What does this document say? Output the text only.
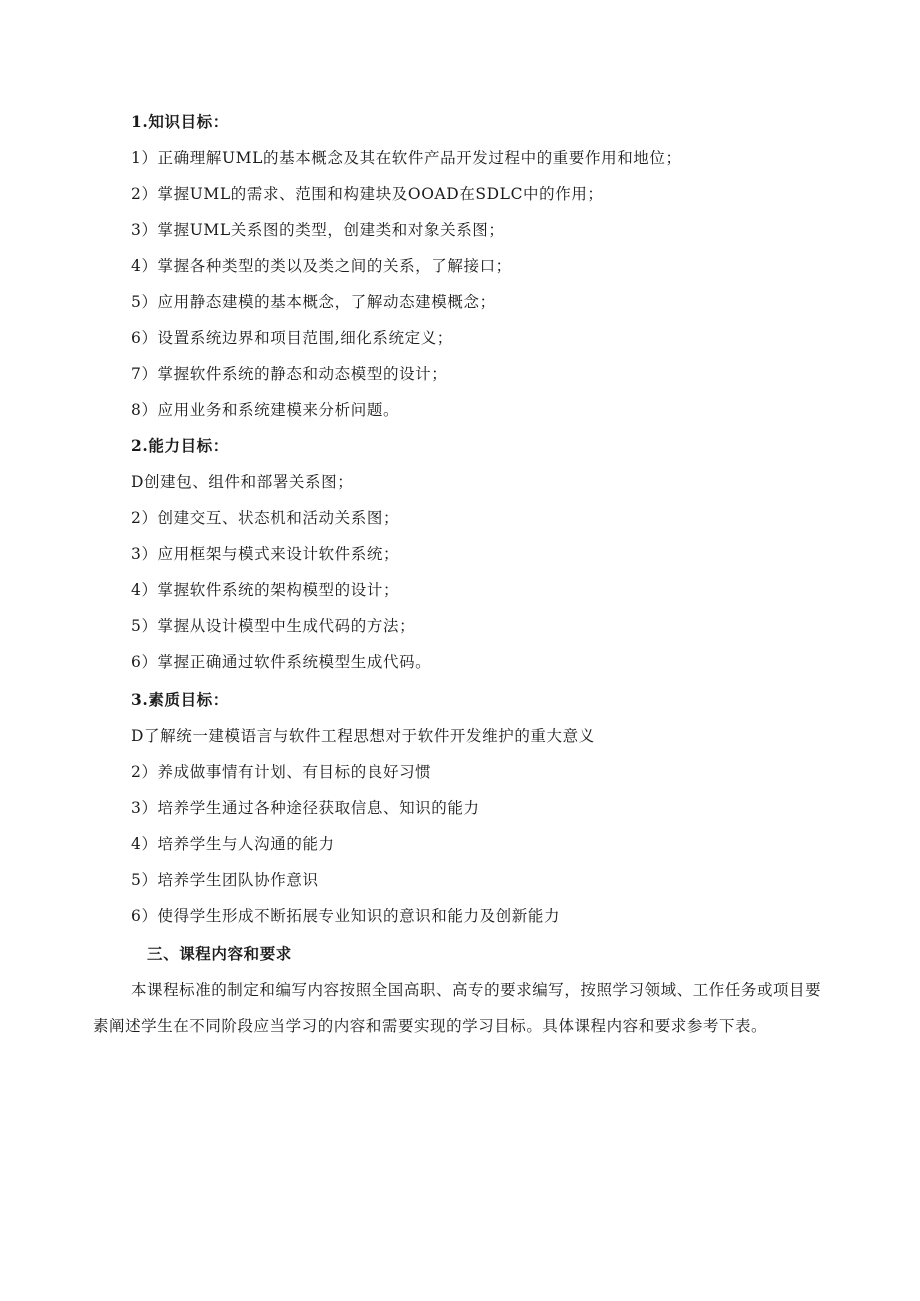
1.知识目标：
1）正确理解UML的基本概念及其在软件产品开发过程中的重要作用和地位；
2）掌握UML的需求、范围和构建块及OOAD在SDLC中的作用；
3）掌握UML关系图的类型，创建类和对象关系图；
4）掌握各种类型的类以及类之间的关系，了解接口；
5）应用静态建模的基本概念，了解动态建模概念；
6）设置系统边界和项目范围,细化系统定义；
7）掌握软件系统的静态和动态模型的设计；
8）应用业务和系统建模来分析问题。
2.能力目标：
D创建包、组件和部署关系图；
2）创建交互、状态机和活动关系图；
3）应用框架与模式来设计软件系统；
4）掌握软件系统的架构模型的设计；
5）掌握从设计模型中生成代码的方法；
6）掌握正确通过软件系统模型生成代码。
3.素质目标：
D了解统一建模语言与软件工程思想对于软件开发维护的重大意义
2）养成做事情有计划、有目标的良好习惯
3）培养学生通过各种途径获取信息、知识的能力
4）培养学生与人沟通的能力
5）培养学生团队协作意识
6）使得学生形成不断拓展专业知识的意识和能力及创新能力
三、课程内容和要求
本课程标准的制定和编写内容按照全国高职、高专的要求编写，按照学习领域、工作任务或项目要素阐述学生在不同阶段应当学习的内容和需要实现的学习目标。具体课程内容和要求参考下表。
